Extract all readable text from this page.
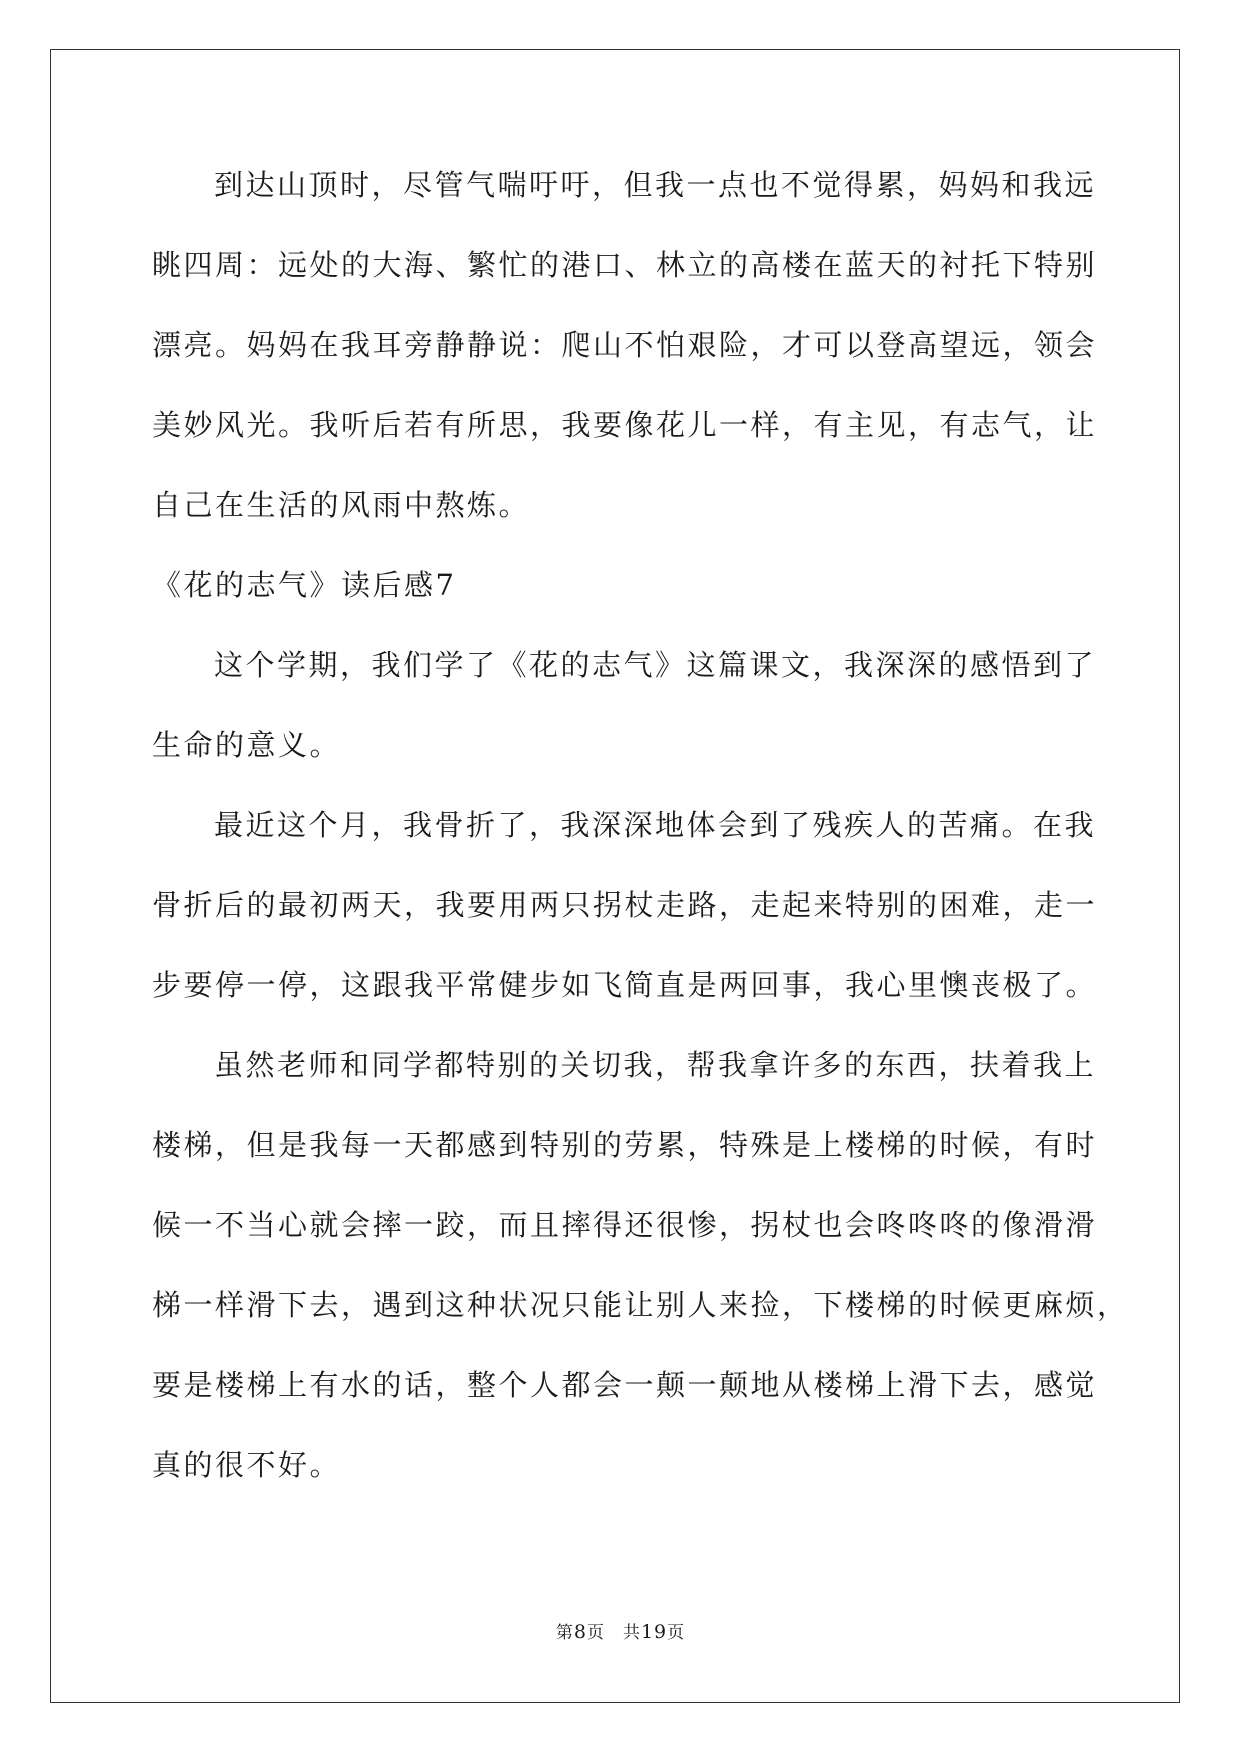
到达山顶时，尽管气喘吁吁，但我一点也不觉得累，妈妈和我远
眺四周：远处的大海、繁忙的港口、林立的高楼在蓝天的衬托下特别
漂亮。妈妈在我耳旁静静说：爬山不怕艰险，才可以登高望远，领会
美妙风光。我听后若有所思，我要像花儿一样，有主见，有志气，让
自己在生活的风雨中熬炼。
《花的志气》读后感7
这个学期，我们学了《花的志气》这篇课文，我深深的感悟到了
生命的意义。
最近这个月，我骨折了，我深深地体会到了残疾人的苦痛。在我
骨折后的最初两天，我要用两只拐杖走路，走起来特别的困难，走一
步要停一停，这跟我平常健步如飞简直是两回事，我心里懊丧极了。
虽然老师和同学都特别的关切我，帮我拿许多的东西，扶着我上
楼梯，但是我每一天都感到特别的劳累，特殊是上楼梯的时候，有时
候一不当心就会摔一跤，而且摔得还很惨，拐杖也会咚咚咚的像滑滑
梯一样滑下去，遇到这种状况只能让别人来捡，下楼梯的时候更麻烦，
要是楼梯上有水的话，整个人都会一颠一颠地从楼梯上滑下去，感觉
真的很不好。
第8页　共19页
